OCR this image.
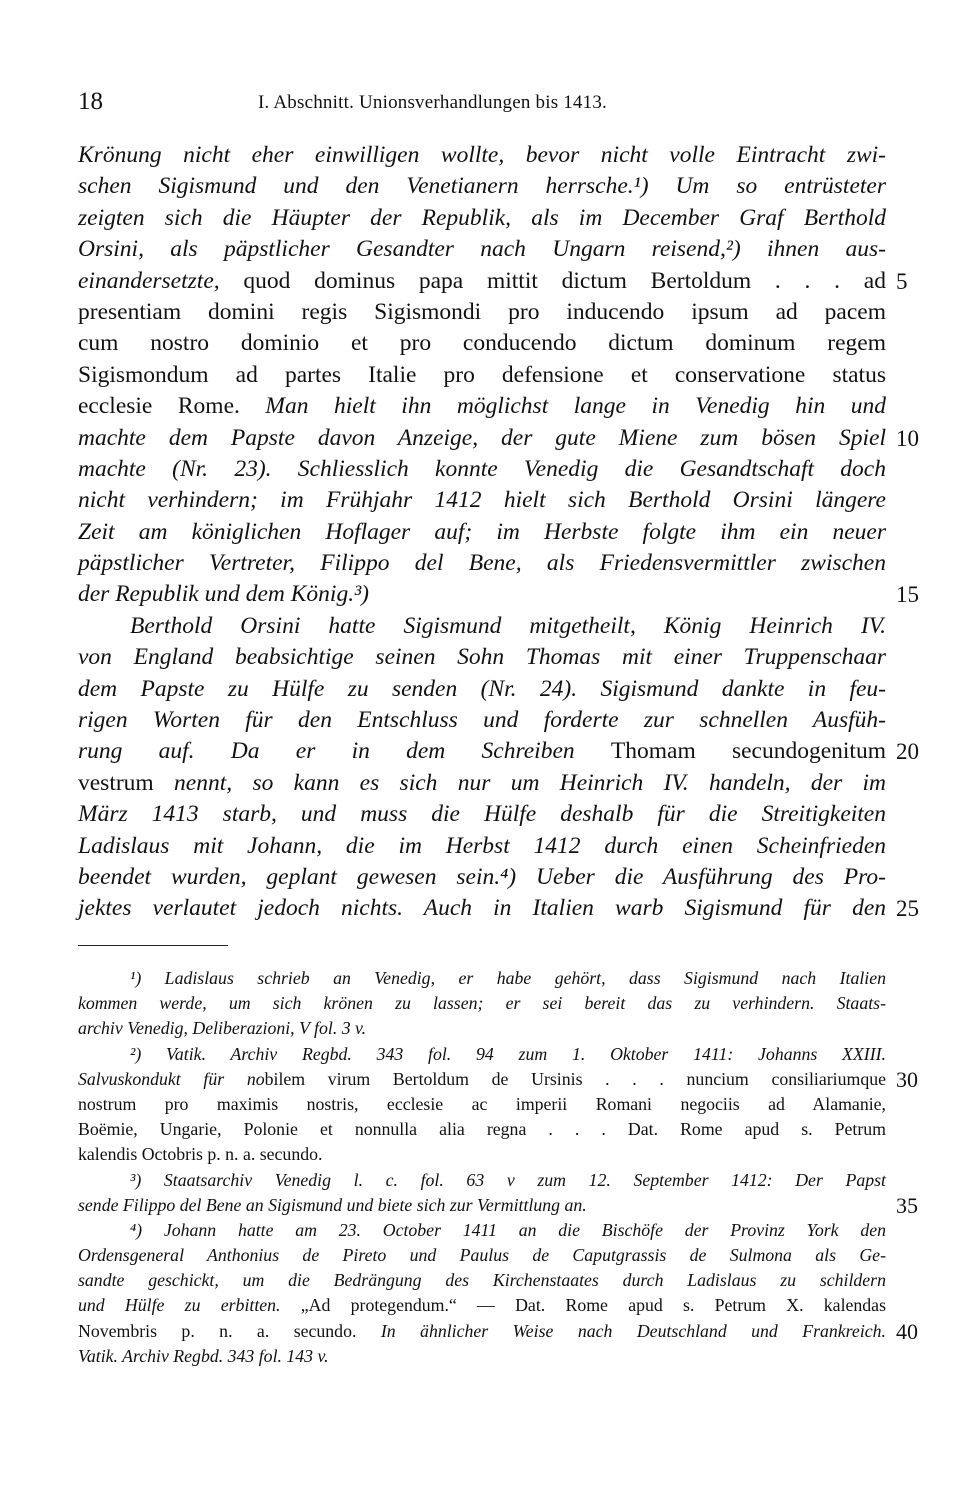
18	I. Abschnitt. Unionsverhandlungen bis 1413.
Krönung nicht eher einwilligen wollte, bevor nicht volle Eintracht zwi-
schen Sigismund und den Venetianern herrsche.¹) Um so entrüsteter
zeigten sich die Häupter der Republik, als im December Graf Berthold
Orsini, als päpstlicher Gesandter nach Ungarn reisend,²) ihnen aus-
einandersetzte, quod dominus papa mittit dictum Bertoldum . . . ad 5
presentiam domini regis Sigismondi pro inducendo ipsum ad pacem
cum nostro dominio et pro conducendo dictum dominum regem
Sigismondum ad partes Italie pro defensione et conservatione status
ecclesie Rome. Man hielt ihn möglichst lange in Venedig hin und
machte dem Papste davon Anzeige, der gute Miene zum bösen Spiel 10
machte (Nr. 23). Schliesslich konnte Venedig die Gesandtschaft doch
nicht verhindern; im Frühjahr 1412 hielt sich Berthold Orsini längere
Zeit am königlichen Hoflager auf; im Herbste folgte ihm ein neuer
päpstlicher Vertreter, Filippo del Bene, als Friedensvermittler zwischen
der Republik und dem König.³)	15
Berthold Orsini hatte Sigismund mitgetheilt, König Heinrich IV.
von England beabsichtige seinen Sohn Thomas mit einer Truppenschaar
dem Papste zu Hülfe zu senden (Nr. 24). Sigismund dankte in feu-
rigen Worten für den Entschluss und forderte zur schnellen Ausfüh-
rung auf. Da er in dem Schreiben Thomam secundogenitum 20
vestrum nennt, so kann es sich nur um Heinrich IV. handeln, der im
März 1413 starb, und muss die Hülfe deshalb für die Streitigkeiten
Ladislaus mit Johann, die im Herbst 1412 durch einen Scheinfrieden
beendet wurden, geplant gewesen sein.⁴) Ueber die Ausführung des Pro-
jektes verlautet jedoch nichts. Auch in Italien warb Sigismund für den 25
¹) Ladislaus schrieb an Venedig, er habe gehört, dass Sigismund nach Italien
kommen werde, um sich krönen zu lassen; er sei bereit das zu verhindern. Staats-
archiv Venedig, Deliberazioni, V fol. 3 v.
²) Vatik. Archiv Regbd. 343 fol. 94 zum 1. Oktober 1411: Johanns XXIII.
Salvuskondukt für nobilem virum Bertoldum de Ursinis . . . nuncium consiliariumque 30
nostrum pro maximis nostris, ecclesie ac imperii Romani negociis ad Alamanie,
Boëmie, Ungarie, Polonie et nonnulla alia regna . . . Dat. Rome apud s. Petrum
kalendis Octobris p. n. a. secundo.
³) Staatsarchiv Venedig l. c. fol. 63 v zum 12. September 1412: Der Papst
sende Filippo del Bene an Sigismund und biete sich zur Vermittlung an.	35
⁴) Johann hatte am 23. October 1411 an die Bischöfe der Provinz York den
Ordensgeneral Anthonius de Pireto und Paulus de Caputgrassis de Sulmona als Ge-
sandte geschickt, um die Bedrängung des Kirchenstaates durch Ladislaus zu schildern
und Hülfe zu erbitten. „Ad protegendum.“ — Dat. Rome apud s. Petrum X. kalendas
Novembris p. n. a. secundo. In ähnlicher Weise nach Deutschland und Frankreich. 40
Vatik. Archiv Regbd. 343 fol. 143 v.
